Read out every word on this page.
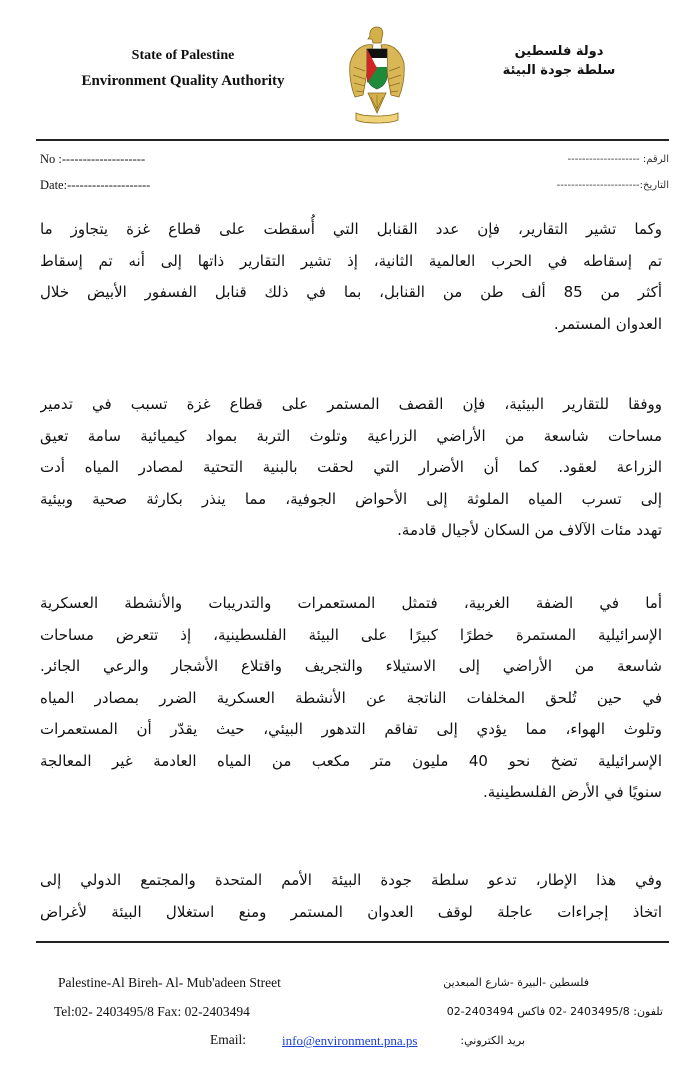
State of Palestine
Environment Quality Authority
دولة فلسطين
سلطة جودة البيئة
No :--------------------
Date:--------------------
الرقم: --------------------
التاريخ:-----------------------
وكما تشير التقارير، فإن عدد القنابل التي أُسقطت على قطاع غزة يتجاوز ما
تم إسقاطه في الحرب العالمية الثانية، إذ تشير التقارير ذاتها إلى أنه تم إسقاط
أكثر من 85 ألف طن من القنابل، بما في ذلك قنابل الفسفور الأبيض خلال
العدوان المستمر.
ووفقا للتقارير البيئية، فإن القصف المستمر على قطاع غزة تسبب في تدمير
مساحات شاسعة من الأراضي الزراعية وتلوث التربة بمواد كيميائية سامة تعيق
الزراعة لعقود. كما أن الأضرار التي لحقت بالبنية التحتية لمصادر المياه أدت
إلى تسرب المياه الملوثة إلى الأحواض الجوفية، مما ينذر بكارثة صحية وبيئية
تهدد مئات الآلاف من السكان لأجيال قادمة.
أما في الضفة الغربية، فتمثل المستعمرات والتدريبات والأنشطة العسكرية
الإسرائيلية المستمرة خطرًا كبيرًا على البيئة الفلسطينية، إذ تتعرض مساحات
شاسعة من الأراضي إلى الاستيلاء والتجريف واقتلاع الأشجار والرعي الجائر.
في حين تُلحق المخلفات الناتجة عن الأنشطة العسكرية الضرر بمصادر المياه
وتلوث الهواء، مما يؤدي إلى تفاقم التدهور البيئي، حيث يقدّر أن المستعمرات
الإسرائيلية تضخ نحو 40 مليون متر مكعب من المياه العادمة غير المعالجة
سنويًا في الأرض الفلسطينية.
وفي هذا الإطار، تدعو سلطة جودة البيئة الأمم المتحدة والمجتمع الدولي إلى
اتخاذ إجراءات عاجلة لوقف العدوان المستمر ومنع استغلال البيئة لأغراض
Palestine-Al Bireh- Al- Mub'adeen Street
Tel:02- 2403495/8 Fax: 02-2403494
Email:	info@environment.pna.ps
فلسطين -البيرة -شارع المبعدين
تلفون: 2403495/8 -02 فاكس 2403494-02
بريد الكتروني:
